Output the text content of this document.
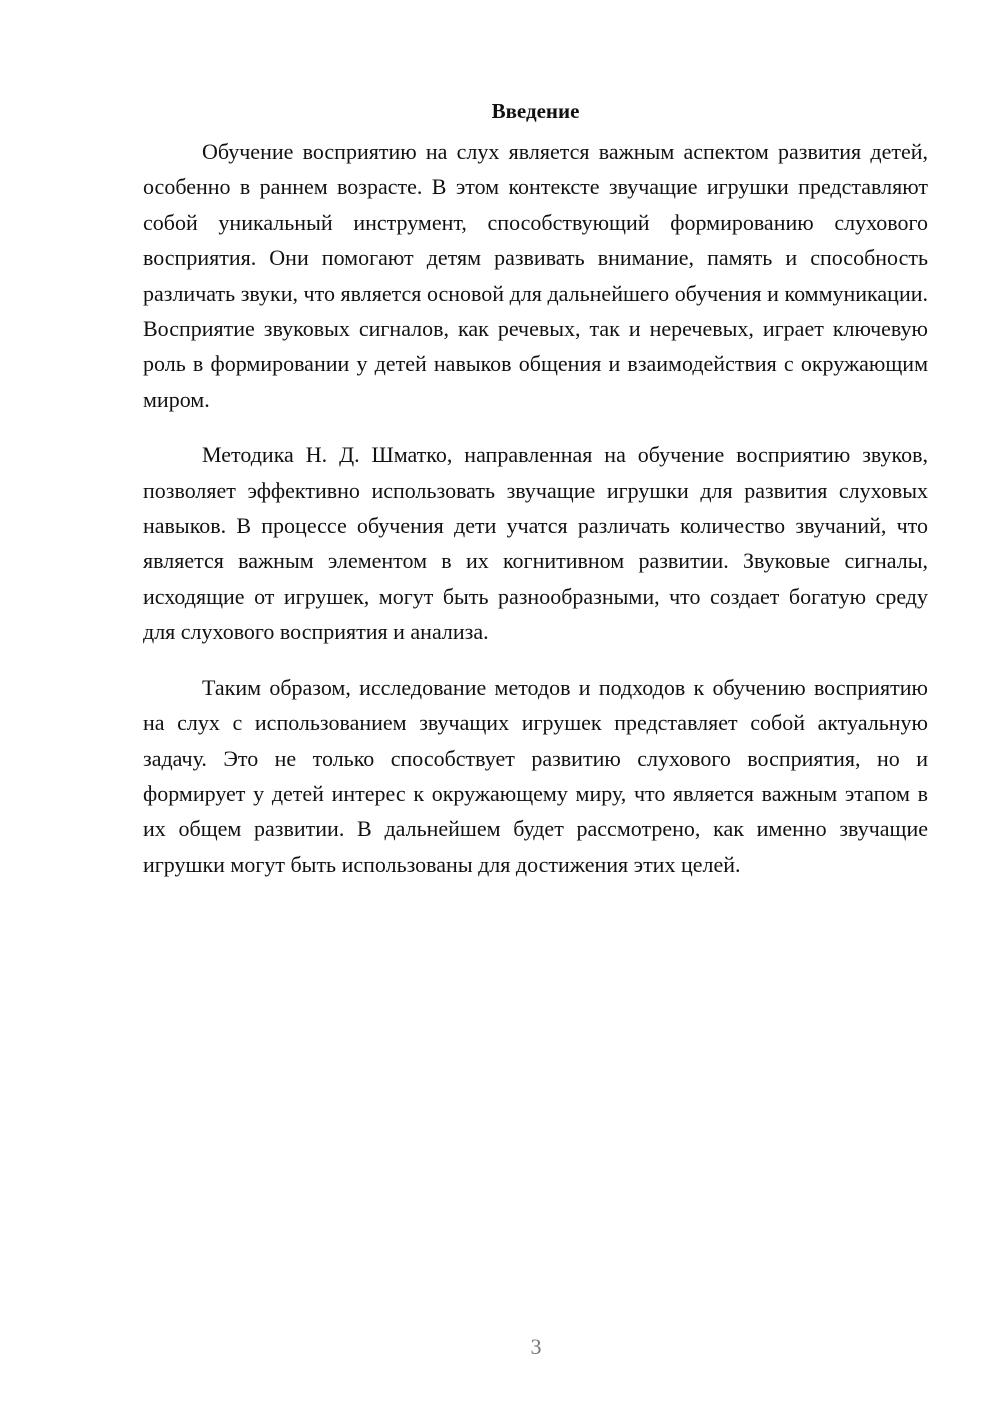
Введение

Обучение восприятию на слух является важным аспектом развития детей, особенно в раннем возрасте. В этом контексте звучащие игрушки представляют собой уникальный инструмент, способствующий формированию слухового восприятия. Они помогают детям развивать внимание, память и способность различать звуки, что является основой для дальнейшего обучения и коммуникации. Восприятие звуковых сигналов, как речевых, так и неречевых, играет ключевую роль в формировании у детей навыков общения и взаимодействия с окружающим миром.

Методика Н. Д. Шматко, направленная на обучение восприятию звуков, позволяет эффективно использовать звучащие игрушки для развития слуховых навыков. В процессе обучения дети учатся различать количество звучаний, что является важным элементом в их когнитивном развитии. Звуковые сигналы, исходящие от игрушек, могут быть разнообразными, что создает богатую среду для слухового восприятия и анализа.

Таким образом, исследование методов и подходов к обучению восприятию на слух с использованием звучащих игрушек представляет собой актуальную задачу. Это не только способствует развитию слухового восприятия, но и формирует у детей интерес к окружающему миру, что является важным этапом в их общем развитии. В дальнейшем будет рассмотрено, как именно звучащие игрушки могут быть использованы для достижения этих целей.

3
